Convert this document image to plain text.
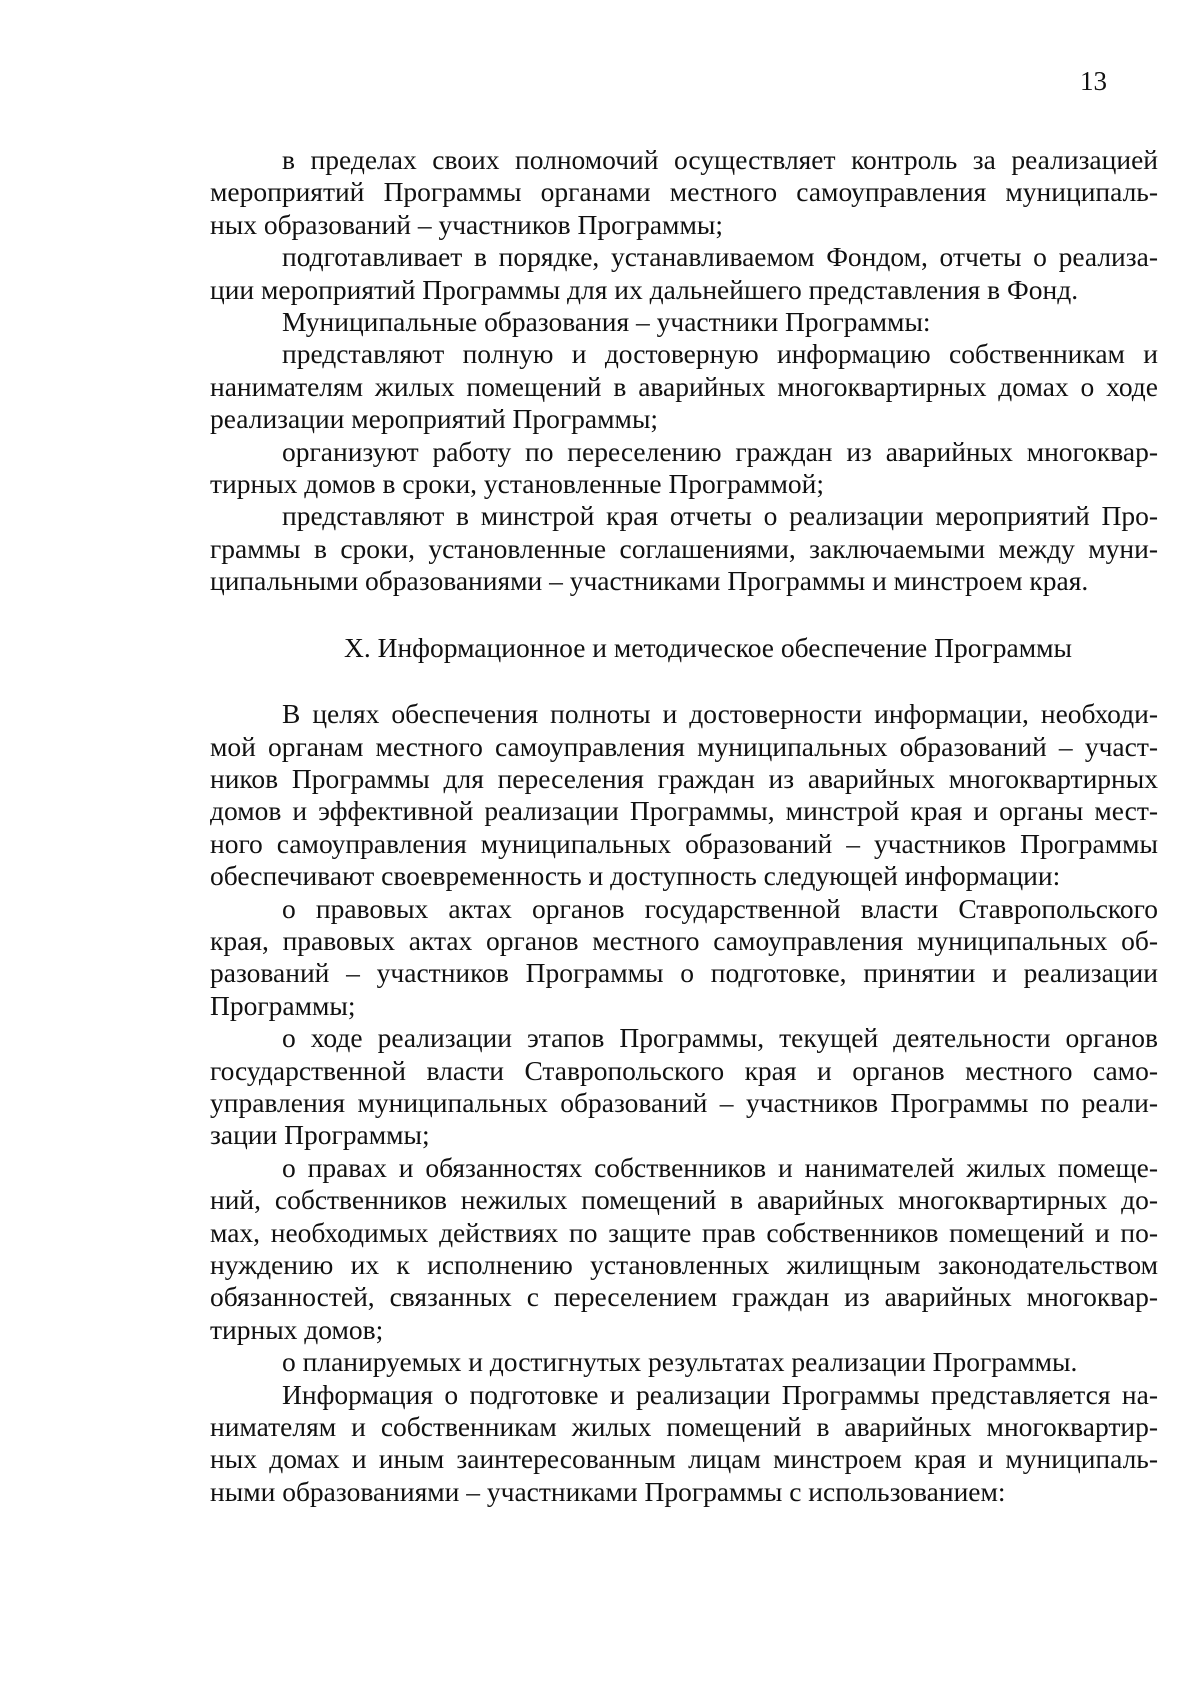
13
в пределах своих полномочий осуществляет контроль за реализацией
мероприятий Программы органами местного самоуправления муниципаль-
ных образований – участников Программы;
подготавливает в порядке, устанавливаемом Фондом, отчеты о реализа-
ции мероприятий Программы для их дальнейшего представления в Фонд.
Муниципальные образования – участники Программы:
представляют полную и достоверную информацию собственникам и
нанимателям жилых помещений в аварийных многоквартирных домах о ходе
реализации мероприятий Программы;
организуют работу по переселению граждан из аварийных многоквар-
тирных домов в сроки, установленные Программой;
представляют в минстрой края отчеты о реализации мероприятий Про-
граммы в сроки, установленные соглашениями, заключаемыми между муни-
ципальными образованиями – участниками Программы и минстроем края.
X. Информационное и методическое обеспечение Программы
В целях обеспечения полноты и достоверности информации, необходи-
мой органам местного самоуправления муниципальных образований – участ-
ников Программы для переселения граждан из аварийных многоквартирных
домов и эффективной реализации Программы, минстрой края и органы мест-
ного самоуправления муниципальных образований – участников Программы
обеспечивают своевременность и доступность следующей информации:
о правовых актах органов государственной власти Ставропольского
края, правовых актах органов местного самоуправления муниципальных об-
разований – участников Программы о подготовке, принятии и реализации
Программы;
о ходе реализации этапов Программы, текущей деятельности органов
государственной власти Ставропольского края и органов местного само-
управления муниципальных образований – участников Программы по реали-
зации Программы;
о правах и обязанностях собственников и нанимателей жилых помеще-
ний, собственников нежилых помещений в аварийных многоквартирных до-
мах, необходимых действиях по защите прав собственников помещений и по-
нуждению их к исполнению установленных жилищным законодательством
обязанностей, связанных с переселением граждан из аварийных многоквар-
тирных домов;
о планируемых и достигнутых результатах реализации Программы.
Информация о подготовке и реализации Программы представляется на-
нимателям и собственникам жилых помещений в аварийных многоквартир-
ных домах и иным заинтересованным лицам минстроем края и муниципаль-
ными образованиями – участниками Программы с использованием:
